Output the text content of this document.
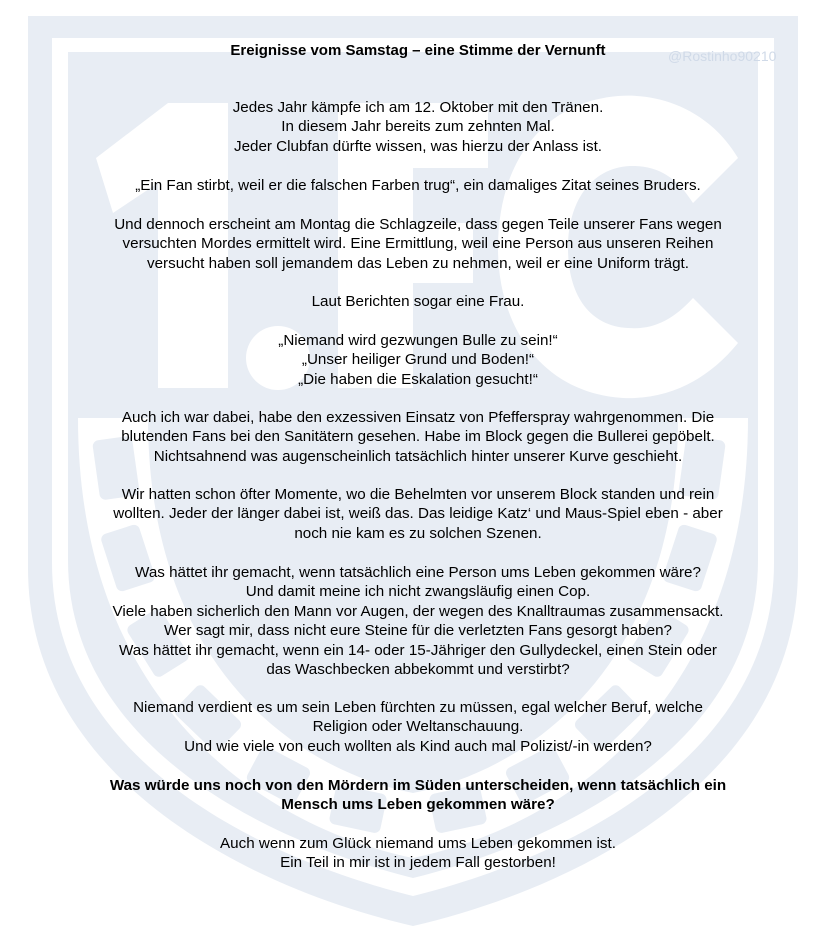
@Rostinho90210
Ereignisse vom Samstag – eine Stimme der Vernunft
Jedes Jahr kämpfe ich am 12. Oktober mit den Tränen.
In diesem Jahr bereits zum zehnten Mal.
Jeder Clubfan dürfte wissen, was hierzu der Anlass ist.
„Ein Fan stirbt, weil er die falschen Farben trug“, ein damaliges Zitat seines Bruders.
Und dennoch erscheint am Montag die Schlagzeile, dass gegen Teile unserer Fans wegen
versuchten Mordes ermittelt wird. Eine Ermittlung, weil eine Person aus unseren Reihen
versucht haben soll jemandem das Leben zu nehmen, weil er eine Uniform trägt.
Laut Berichten sogar eine Frau.
„Niemand wird gezwungen Bulle zu sein!“
„Unser heiliger Grund und Boden!“
„Die haben die Eskalation gesucht!“
Auch ich war dabei, habe den exzessiven Einsatz von Pfefferspray wahrgenommen. Die
blutenden Fans bei den Sanitätern gesehen. Habe im Block gegen die Bullerei gepöbelt.
Nichtsahnend was augenscheinlich tatsächlich hinter unserer Kurve geschieht.
Wir hatten schon öfter Momente, wo die Behelmten vor unserem Block standen und rein
wollten. Jeder der länger dabei ist, weiß das. Das leidige Katz‘ und Maus-Spiel eben - aber
noch nie kam es zu solchen Szenen.
Was hättet ihr gemacht, wenn tatsächlich eine Person ums Leben gekommen wäre?
Und damit meine ich nicht zwangsläufig einen Cop.
Viele haben sicherlich den Mann vor Augen, der wegen des Knalltraumas zusammensackt.
Wer sagt mir, dass nicht eure Steine für die verletzten Fans gesorgt haben?
Was hättet ihr gemacht, wenn ein 14- oder 15-Jähriger den Gullydeckel, einen Stein oder
das Waschbecken abbekommt und verstirbt?
Niemand verdient es um sein Leben fürchten zu müssen, egal welcher Beruf, welche
Religion oder Weltanschauung.
Und wie viele von euch wollten als Kind auch mal Polizist/-in werden?
Was würde uns noch von den Mördern im Süden unterscheiden, wenn tatsächlich ein
Mensch ums Leben gekommen wäre?
Auch wenn zum Glück niemand ums Leben gekommen ist.
Ein Teil in mir ist in jedem Fall gestorben!
